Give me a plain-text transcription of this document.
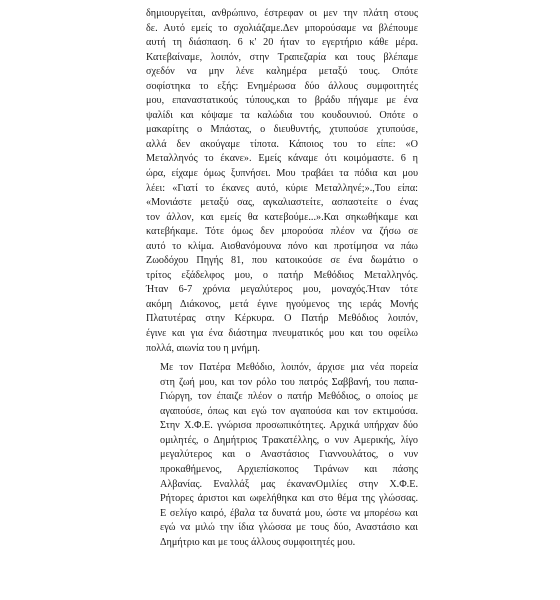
δημιουργείται, ανθρώπινο, έστρεφαν οι μεν την πλάτη στους
δε. Αυτό εμείς το σχολιάζαμε.Δεν μπορούσαμε να βλέπουμε
αυτή τη διάσπαση. 6 κ' 20 ήταν το εγερτήριο κάθε μέρα.
Κατεβαίναμε, λοιπόν, στην Τραπεζαρία και τους βλέπαμε
σχεδόν να μην λένε καλημέρα μεταξύ τους. Οπότε
σοφίστηκα το εξής: Ενημέρωσα δύο άλλους συμφοιτητές
μου, επαναστατικούς τύπους,και το βράδυ πήγαμε με ένα
ψαλίδι και κόψαμε τα καλώδια του κουδουνιού. Οπότε ο
μακαρίτης ο Μπάστας, ο διευθυντής, χτυπούσε χτυπούσε,
αλλά δεν ακούγαμε τίποτα. Κάποιος του το είπε: «Ο
Μεταλληνός το έκανε». Εμείς κάναμε ότι κοιμόμαστε. 6 η
ώρα, είχαμε όμως ξυπνήσει. Μου τραβάει τα πόδια και μου
λέει: «Γιατί το έκανες αυτό, κύριε Μεταλληνέ;».,Του είπα:
«Μονιάστε μεταξύ σας, αγκαλιαστείτε, ασπαστείτε ο ένας
τον άλλον, και εμείς θα κατεβούμε...».Και σηκωθήκαμε και
κατεβήκαμε. Τότε όμως δεν μπορούσα πλέον να ζήσω σε
αυτό το κλίμα. Αισθανόμουνα πόνο και προτίμησα να πάω
Ζωοδόχου Πηγής 81, που κατοικούσε σε ένα δωμάτιο ο
τρίτος εξάδελφος μου, ο πατήρ Μεθόδιος Μεταλληνός.
Ήταν 6-7 χρόνια μεγαλύτερος μου, μοναχός.Ήταν τότε
ακόμη Διάκονος, μετά έγινε ηγούμενος της ιεράς Μονής
Πλατυτέρας στην Κέρκυρα. Ο Πατήρ Μεθόδιος λοιπόν,
έγινε και για ένα διάστημα πνευματικός μου και του οφείλω
πολλά, αιωνία του η μνήμη.

Με τον Πατέρα Μεθόδιο, λοιπόν, άρχισε μια νέα πορεία
στη ζωή μου, και τον ρόλο του πατρός Σαββανή, του παπα-
Γιώργη, τον έπαιζε πλέον ο πατήρ Μεθόδιος, ο οποίος με
αγαπούσε, όπως και εγώ τον αγαπούσα και τον εκτιμούσα.
Στην Χ.Φ.Ε. γνώρισα προσωπικότητες. Αρχικά υπήρχαν δύο
ομιλητές, ο Δημήτριος Τρακατέλλης, ο νυν Αμερικής, λίγο
μεγαλύτερος και ο Αναστάσιος Γιαννουλάτος, ο νυν
προκαθήμενος, Αρχιεπίσκοπος Τιράνων και πάσης
Αλβανίας. Εναλλάξ μας έκανανΟμιλίες στην Χ.Φ.Ε.
Ρήτορες άριστοι και ωφελήθηκα και στο θέμα της γλώσσας.
Ε σελίγο καιρό, έβαλα τα δυνατά μου, ώστε να μπορέσω και
εγώ να μιλώ την ίδια γλώσσα με τους δύο, Αναστάσιο και
Δημήτριο και με τους άλλους συμφοιτητές μου.
